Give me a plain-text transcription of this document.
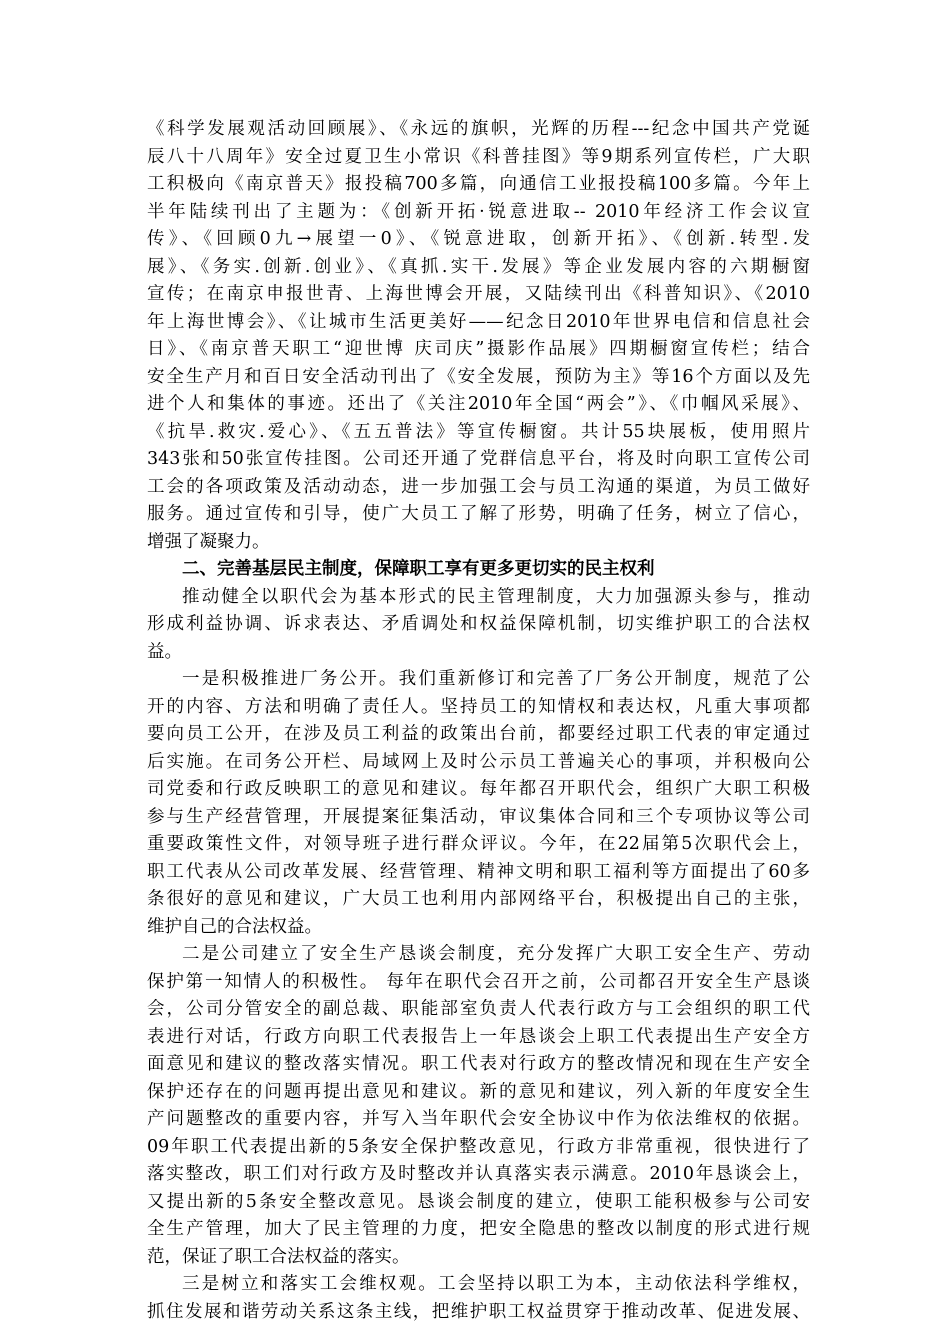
《科学发展观活动回顾展》、《永远的旗帜，光辉的历程---纪念中国共产党诞
辰八十八周年》安全过夏卫生小常识《科普挂图》等9期系列宣传栏，广大职
工积极向《南京普天》报投稿700多篇，向通信工业报投稿100多篇。今年上
半年陆续刊出了主题为：《创新开拓·锐意进取-- 2010年经济工作会议宣
传》、《回顾0九→展望一0》、《锐意进取，创新开拓》、《创新.转型.发
展》、《务实.创新.创业》、《真抓.实干.发展》等企业发展内容的六期橱窗
宣传；在南京申报世青、上海世博会开展，又陆续刊出《科普知识》、《2010
年上海世博会》、《让城市生活更美好——纪念日2010年世界电信和信息社会
日》、《南京普天职工“迎世博 庆司庆”摄影作品展》四期橱窗宣传栏；结合
安全生产月和百日安全活动刊出了《安全发展，预防为主》等16个方面以及先
进个人和集体的事迹。还出了《关注2010年全国“两会”》、《巾帼风采展》、
《抗旱.救灾.爱心》、《五五普法》等宣传橱窗。共计55块展板，使用照片
343张和50张宣传挂图。公司还开通了党群信息平台，将及时向职工宣传公司
工会的各项政策及活动动态，进一步加强工会与员工沟通的渠道，为员工做好
服务。通过宣传和引导，使广大员工了解了形势，明确了任务，树立了信心，
增强了凝聚力。
二、完善基层民主制度，保障职工享有更多更切实的民主权利
推动健全以职代会为基本形式的民主管理制度，大力加强源头参与，推动
形成利益协调、诉求表达、矛盾调处和权益保障机制，切实维护职工的合法权
益。
一是积极推进厂务公开。我们重新修订和完善了厂务公开制度，规范了公
开的内容、方法和明确了责任人。坚持员工的知情权和表达权，凡重大事项都
要向员工公开，在涉及员工利益的政策出台前，都要经过职工代表的审定通过
后实施。在司务公开栏、局域网上及时公示员工普遍关心的事项，并积极向公
司党委和行政反映职工的意见和建议。每年都召开职代会，组织广大职工积极
参与生产经营管理，开展提案征集活动，审议集体合同和三个专项协议等公司
重要政策性文件，对领导班子进行群众评议。今年，在22届第5次职代会上，
职工代表从公司改革发展、经营管理、精神文明和职工福利等方面提出了60多
条很好的意见和建议，广大员工也利用内部网络平台，积极提出自己的主张，
维护自己的合法权益。
二是公司建立了安全生产恳谈会制度，充分发挥广大职工安全生产、劳动
保护第一知情人的积极性。 每年在职代会召开之前，公司都召开安全生产恳谈
会，公司分管安全的副总裁、职能部室负责人代表行政方与工会组织的职工代
表进行对话，行政方向职工代表报告上一年恳谈会上职工代表提出生产安全方
面意见和建议的整改落实情况。职工代表对行政方的整改情况和现在生产安全
保护还存在的问题再提出意见和建议。新的意见和建议，列入新的年度安全生
产问题整改的重要内容，并写入当年职代会安全协议中作为依法维权的依据。
09年职工代表提出新的5条安全保护整改意见，行政方非常重视，很快进行了
落实整改，职工们对行政方及时整改并认真落实表示满意。2010年恳谈会上，
又提出新的5条安全整改意见。恳谈会制度的建立，使职工能积极参与公司安
全生产管理，加大了民主管理的力度，把安全隐患的整改以制度的形式进行规
范，保证了职工合法权益的落实。
三是树立和落实工会维权观。工会坚持以职工为本，主动依法科学维权，
抓住发展和谐劳动关系这条主线，把维护职工权益贯穿于推动改革、促进发展、
